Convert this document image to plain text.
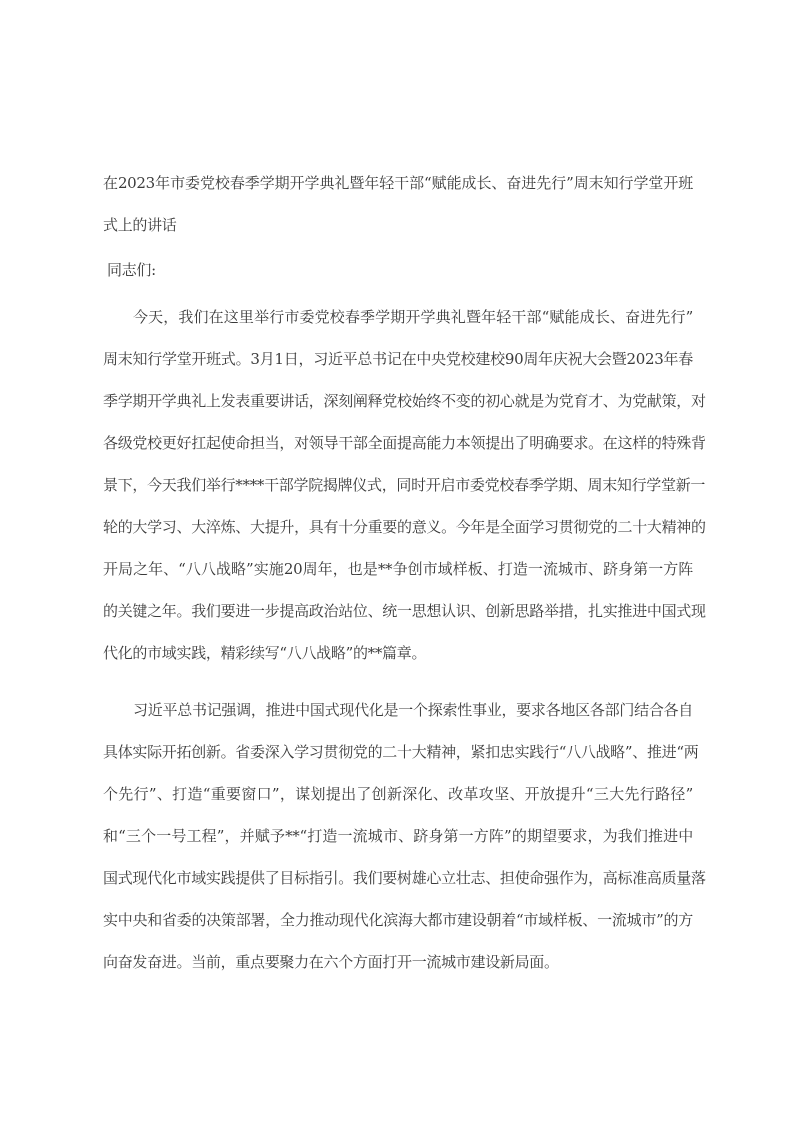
在2023年市委党校春季学期开学典礼暨年轻干部“赋能成长、奋进先行”周末知行学堂开班
式上的讲话
同志们:
今天，我们在这里举行市委党校春季学期开学典礼暨年轻干部“赋能成长、奋进先行”
周末知行学堂开班式。3月1日，习近平总书记在中央党校建校90周年庆祝大会暨2023年春
季学期开学典礼上发表重要讲话，深刻阐释党校始终不变的初心就是为党育才、为党献策，对
各级党校更好扛起使命担当，对领导干部全面提高能力本领提出了明确要求。在这样的特殊背
景下，今天我们举行****干部学院揭牌仪式，同时开启市委党校春季学期、周末知行学堂新一
轮的大学习、大淬炼、大提升，具有十分重要的意义。今年是全面学习贯彻党的二十大精神的
开局之年、“八八战略”实施20周年，也是**争创市域样板、打造一流城市、跻身第一方阵
的关键之年。我们要进一步提高政治站位、统一思想认识、创新思路举措，扎实推进中国式现
代化的市域实践，精彩续写“八八战略”的**篇章。
习近平总书记强调，推进中国式现代化是一个探索性事业，要求各地区各部门结合各自
具体实际开拓创新。省委深入学习贯彻党的二十大精神，紧扣忠实践行“八八战略”、推进“两
个先行”、打造“重要窗口”，谋划提出了创新深化、改革攻坚、开放提升“三大先行路径”
和“三个一号工程”，并赋予**“打造一流城市、跻身第一方阵”的期望要求，为我们推进中
国式现代化市域实践提供了目标指引。我们要树雄心立壮志、担使命强作为，高标准高质量落
实中央和省委的决策部署，全力推动现代化滨海大都市建设朝着“市域样板、一流城市”的方
向奋发奋进。当前，重点要聚力在六个方面打开一流城市建设新局面。
